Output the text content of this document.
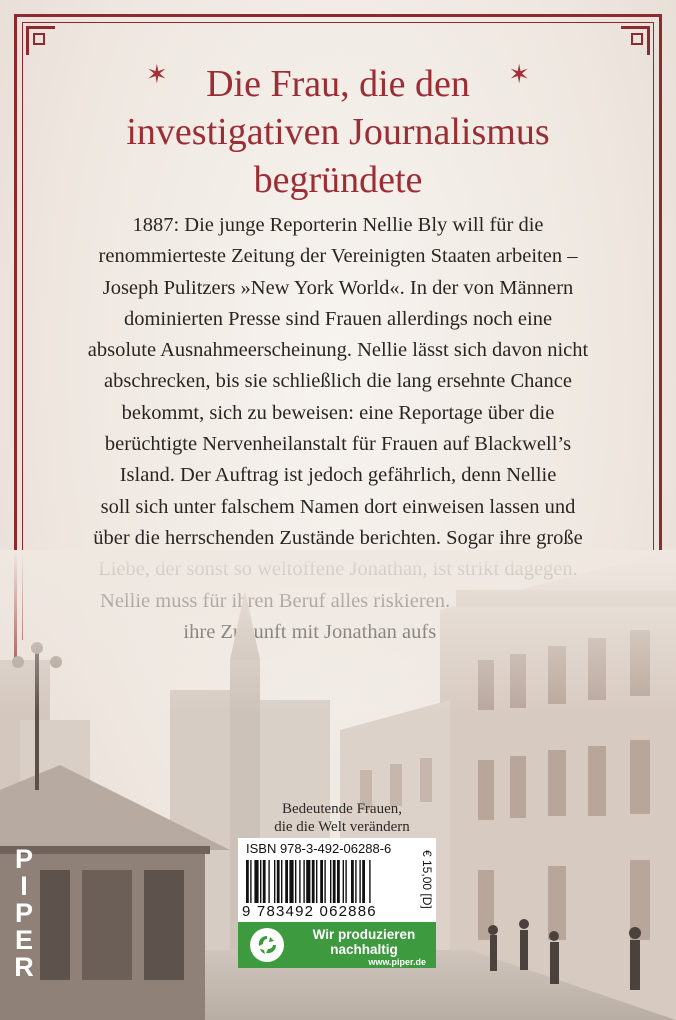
✶	✶
Die Frau, die den
investigativen Journalismus
begründete
1887: Die junge Reporterin Nellie Bly will für die
renommierteste Zeitung der Vereinigten Staaten arbeiten –
Joseph Pulitzers »New York World«. In der von Männern
dominierten Presse sind Frauen allerdings noch eine
absolute Ausnahmeerscheinung. Nellie lässt sich davon nicht
abschrecken, bis sie schließlich die lang ersehnte Chance
bekommt, sich zu beweisen: eine Reportage über die
berüchtigte Nervenheilanstalt für Frauen auf Blackwell’s
Island. Der Auftrag ist jedoch gefährlich, denn Nellie
soll sich unter falschem Namen dort einweisen lassen und
über die herrschenden Zustände berichten. Sogar ihre große
Bedeutende Frauen,
die die Welt verändern
P
I
P
E
R
ISBN 978-3-492-06288-6
€ 15,00 [D]
9 783492 062886
Wir produzieren
nachhaltig
www.piper.de
